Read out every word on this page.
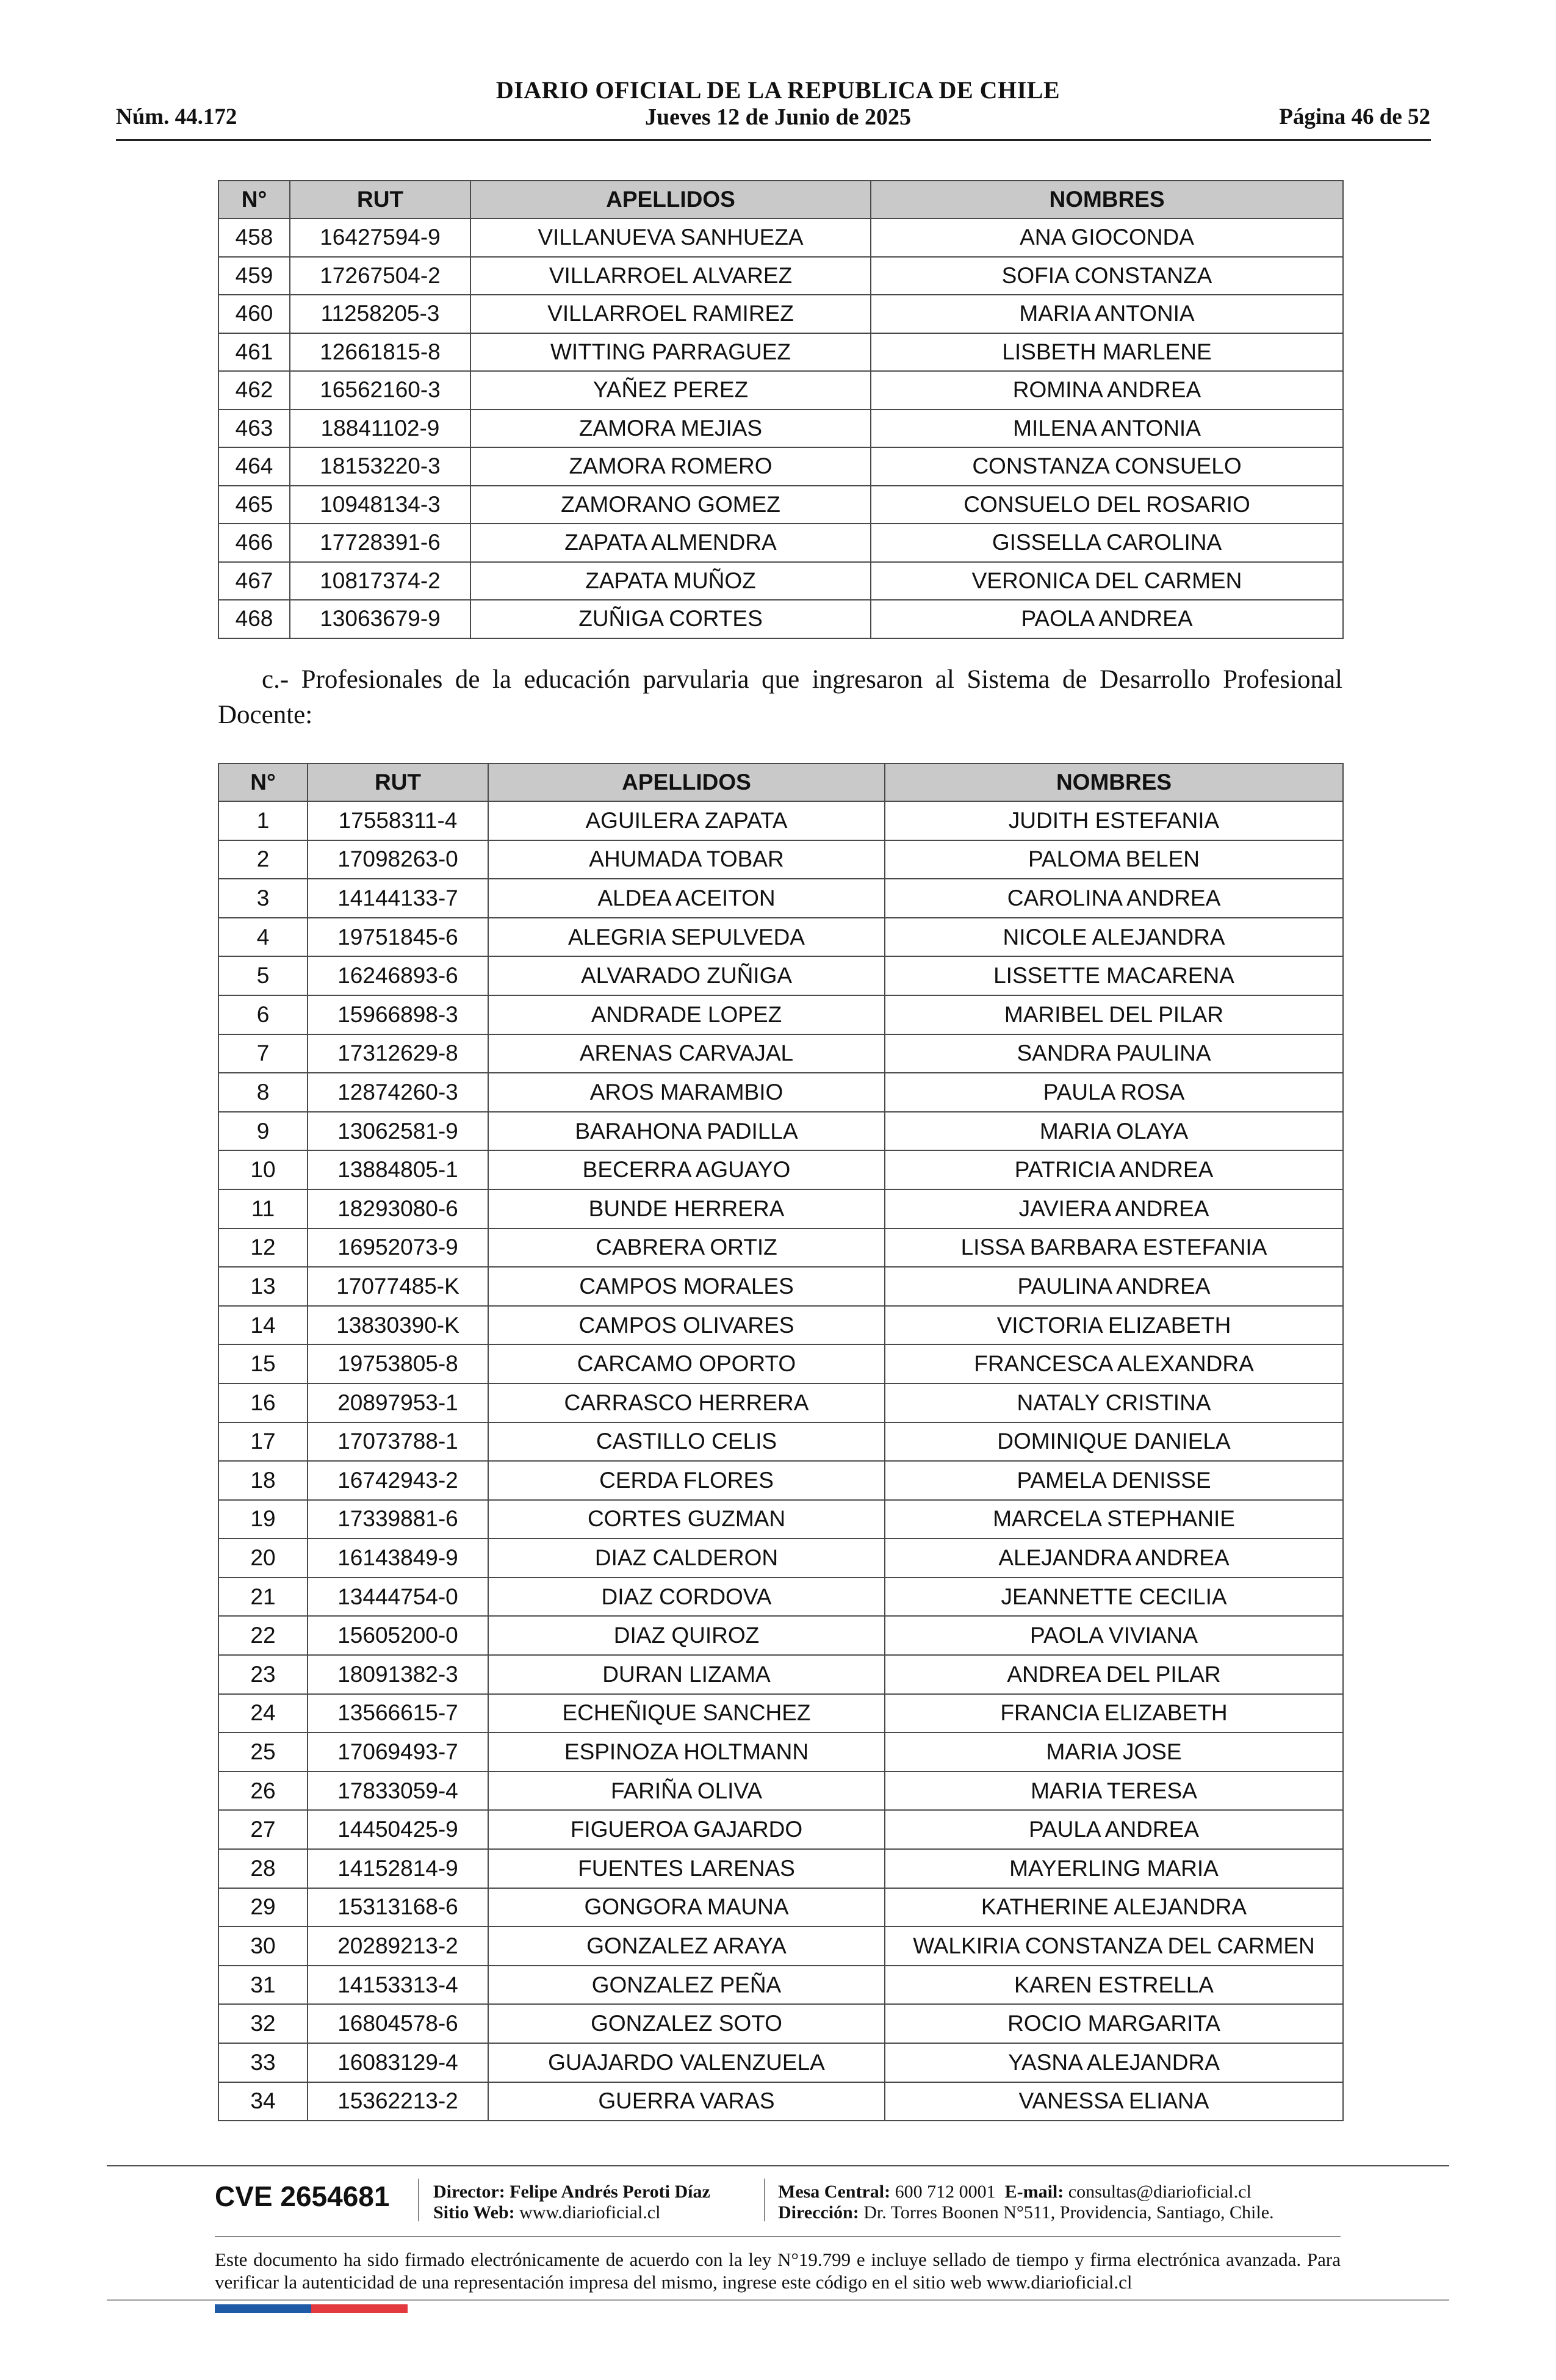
Núm. 44.172
DIARIO OFICIAL DE LA REPUBLICA DE CHILE
Jueves 12 de Junio de 2025	Página 46 de 52
N°	RUT	APELLIDOS	NOMBRES
458	16427594-9	VILLANUEVA SANHUEZA	ANA GIOCONDA
459	17267504-2	VILLARROEL ALVAREZ	SOFIA CONSTANZA
460	11258205-3	VILLARROEL RAMIREZ	MARIA ANTONIA
461	12661815-8	WITTING PARRAGUEZ	LISBETH MARLENE
462	16562160-3	YAÑEZ PEREZ	ROMINA ANDREA
463	18841102-9	ZAMORA MEJIAS	MILENA ANTONIA
464	18153220-3	ZAMORA ROMERO	CONSTANZA CONSUELO
465	10948134-3	ZAMORANO GOMEZ	CONSUELO DEL ROSARIO
466	17728391-6	ZAPATA ALMENDRA	GISSELLA CAROLINA
467	10817374-2	ZAPATA MUÑOZ	VERONICA DEL CARMEN
468	13063679-9	ZUÑIGA CORTES	PAOLA ANDREA
c.- Profesionales de la educación parvularia que ingresaron al Sistema de Desarrollo Profesional Docente:
N°	RUT	APELLIDOS	NOMBRES
1	17558311-4	AGUILERA ZAPATA	JUDITH ESTEFANIA
2	17098263-0	AHUMADA TOBAR	PALOMA BELEN
3	14144133-7	ALDEA ACEITON	CAROLINA ANDREA
4	19751845-6	ALEGRIA SEPULVEDA	NICOLE ALEJANDRA
5	16246893-6	ALVARADO ZUÑIGA	LISSETTE MACARENA
6	15966898-3	ANDRADE LOPEZ	MARIBEL DEL PILAR
7	17312629-8	ARENAS CARVAJAL	SANDRA PAULINA
8	12874260-3	AROS MARAMBIO	PAULA ROSA
9	13062581-9	BARAHONA PADILLA	MARIA OLAYA
10	13884805-1	BECERRA AGUAYO	PATRICIA ANDREA
11	18293080-6	BUNDE HERRERA	JAVIERA ANDREA
12	16952073-9	CABRERA ORTIZ	LISSA BARBARA ESTEFANIA
13	17077485-K	CAMPOS MORALES	PAULINA ANDREA
14	13830390-K	CAMPOS OLIVARES	VICTORIA ELIZABETH
15	19753805-8	CARCAMO OPORTO	FRANCESCA ALEXANDRA
16	20897953-1	CARRASCO HERRERA	NATALY CRISTINA
17	17073788-1	CASTILLO CELIS	DOMINIQUE DANIELA
18	16742943-2	CERDA FLORES	PAMELA DENISSE
19	17339881-6	CORTES GUZMAN	MARCELA STEPHANIE
20	16143849-9	DIAZ CALDERON	ALEJANDRA ANDREA
21	13444754-0	DIAZ CORDOVA	JEANNETTE CECILIA
22	15605200-0	DIAZ QUIROZ	PAOLA VIVIANA
23	18091382-3	DURAN LIZAMA	ANDREA DEL PILAR
24	13566615-7	ECHEÑIQUE SANCHEZ	FRANCIA ELIZABETH
25	17069493-7	ESPINOZA HOLTMANN	MARIA JOSE
26	17833059-4	FARIÑA OLIVA	MARIA TERESA
27	14450425-9	FIGUEROA GAJARDO	PAULA ANDREA
28	14152814-9	FUENTES LARENAS	MAYERLING MARIA
29	15313168-6	GONGORA MAUNA	KATHERINE ALEJANDRA
30	20289213-2	GONZALEZ ARAYA	WALKIRIA CONSTANZA DEL CARMEN
31	14153313-4	GONZALEZ PEÑA	KAREN ESTRELLA
32	16804578-6	GONZALEZ SOTO	ROCIO MARGARITA
33	16083129-4	GUAJARDO VALENZUELA	YASNA ALEJANDRA
34	15362213-2	GUERRA VARAS	VANESSA ELIANA
CVE 2654681 Director: Felipe Andrés Peroti Díaz
Sitio Web: www.diarioficial.cl
Mesa Central: 600 712 0001 E-mail: consultas@diarioficial.cl
Dirección: Dr. Torres Boonen N°511, Providencia, Santiago, Chile.
Este documento ha sido firmado electrónicamente de acuerdo con la ley N°19.799 e incluye sellado de tiempo y firma electrónica avanzada. Para verificar la autenticidad de una representación impresa del mismo, ingrese este código en el sitio web www.diarioficial.cl
